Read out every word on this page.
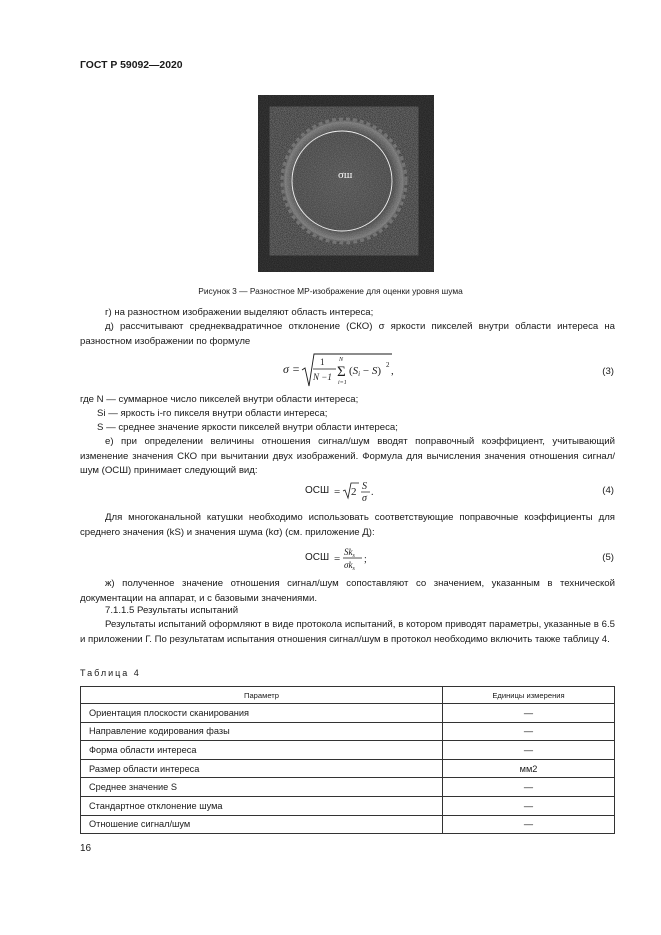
ГОСТ Р 59092—2020
σш
Рисунок 3 — Разностное МР-изображение для оценки уровня шума
г) на разностном изображении выделяют область интереса;
д) рассчитывают среднеквадратичное отклонение (СКО) σ яркости пикселей внутри области интереса на разностном изображении по формуле
σ = 1
N −1
N
Σ
i=1
(Si − S) 2 ,	(3)
где N — суммарное число пикселей внутри области интереса;
Si — яркость i-го пикселя внутри области интереса;
S — среднее значение яркости пикселей внутри области интереса;
е) при определении величины отношения сигнал/шум вводят поправочный коэффициент, учитывающий изменение значения СКО при вычитании двух изображений. Формула для вычисления значения отношения сигнал/шум (ОСШ) принимает следующий вид:
ОСШ = 2 S
σ
.	(4)
Для многоканальной катушки необходимо использовать соответствующие поправочные коэффициенты для среднего значения (kS) и значения шума (kσ) (см. приложение Д):
ОСШ =
$Sk_s$
$\sigma k_s$
;	(5)
ж) полученное значение отношения сигнал/шум сопоставляют со значением, указанным в технической документации на аппарат, и с базовыми значениями.
7.1.1.5 Результаты испытаний
Результаты испытаний оформляют в виде протокола испытаний, в котором приводят параметры, указанные в 6.5 и приложении Г. По результатам испытания отношения сигнал/шум в протокол необходимо включить также таблицу 4.
Таблица 4
Параметр	Единицы измерения
Ориентация плоскости сканирования	—
Направление кодирования фазы	—
Форма области интереса	—
Размер области интереса	мм2
Среднее значение S	—
Стандартное отклонение шума	—
Отношение сигнал/шум	—
16
